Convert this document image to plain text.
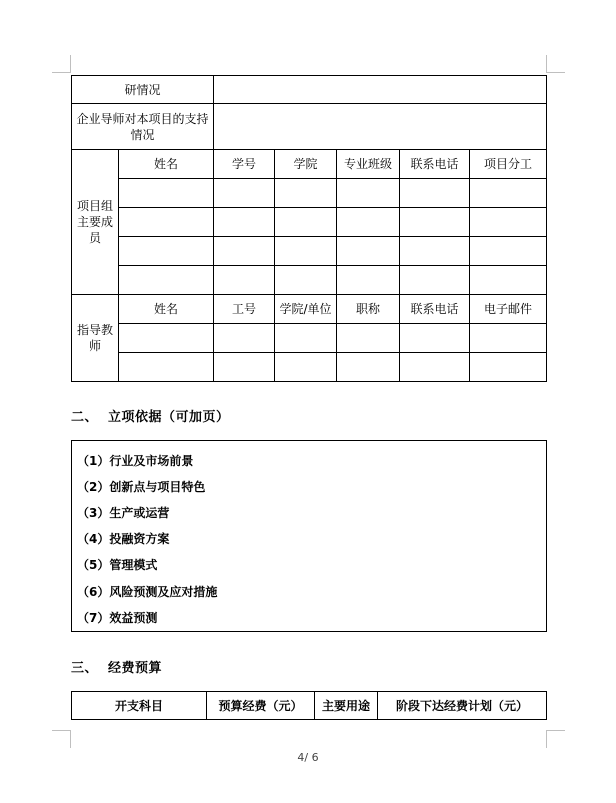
研情况						
企业导师对本项目的支持情况						
项目组主要成员	姓名	学号	学院	专业班级	联系电话	项目分工

指导教师	姓名	工号	学院/单位	职称	联系电话	电子邮件

二、  立项依据（可加页）
（1）行业及市场前景
（2）创新点与项目特色
（3）生产或运营
（4）投融资方案
（5）管理模式
（6）风险预测及应对措施
（7）效益预测
三、  经费预算
开支科目	预算经费（元）	主要用途	阶段下达经费计划（元）
4/ 6
